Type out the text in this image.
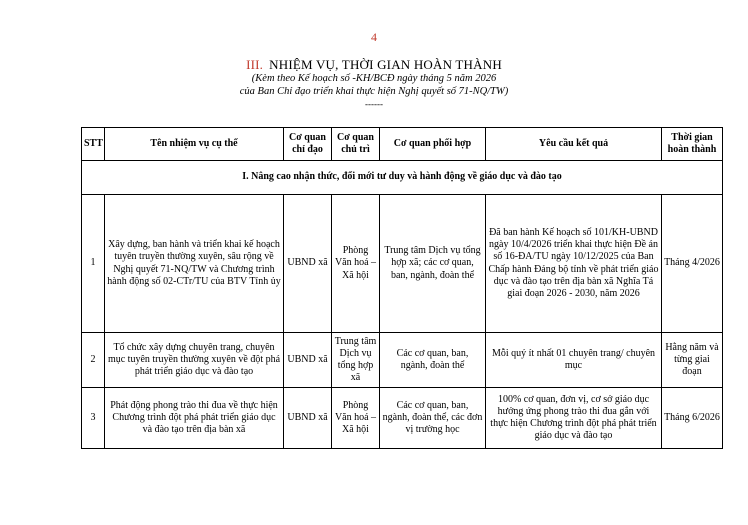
4
III. NHIỆM VỤ, THỜI GIAN HOÀN THÀNH
(Kèm theo Kế hoạch số -KH/BCĐ ngày tháng 5 năm 2026
của Ban Chỉ đạo triển khai thực hiện Nghị quyết số 71-NQ/TW)
------
STT	Tên nhiệm vụ cụ thể	Cơ quan chỉ đạo	Cơ quan chủ trì	Cơ quan phối hợp	Yêu cầu kết quả	Thời gian hoàn thành
I. Nâng cao nhận thức, đổi mới tư duy và hành động về giáo dục và đào tạo						
1	Xây dựng, ban hành và triển khai kế hoạch tuyên truyền thường xuyên, sâu rộng về Nghị quyết 71-NQ/TW và Chương trình hành động số 02-CTr/TU của BTV Tỉnh ủy	UBND xã	Phòng Văn hoá – Xã hội	Trung tâm Dịch vụ tổng hợp xã; các cơ quan, ban, ngành, đoàn thể	Đã ban hành Kế hoạch số 101/KH-UBND ngày 10/4/2026 triển khai thực hiện Đề án số 16-ĐA/TU ngày 10/12/2025 của Ban Chấp hành Đảng bộ tỉnh về phát triển giáo dục và đào tạo trên địa bàn xã Nghĩa Tá giai đoạn 2026 - 2030, năm 2026	Tháng 4/2026
2	Tổ chức xây dựng chuyên trang, chuyên mục tuyên truyền thường xuyên về đột phá phát triển giáo dục và đào tạo	UBND xã	Trung tâm Dịch vụ tổng hợp xã	Các cơ quan, ban, ngành, đoàn thể	Mỗi quý ít nhất 01 chuyên trang/ chuyên mục	Hằng năm và từng giai đoạn
3	Phát động phong trào thi đua về thực hiện Chương trình đột phá phát triển giáo dục và đào tạo trên địa bàn xã	UBND xã	Phòng Văn hoá – Xã hội	Các cơ quan, ban, ngành, đoàn thể, các đơn vị trường học	100% cơ quan, đơn vị, cơ sở giáo dục hưởng ứng phong trào thi đua gắn với thực hiện Chương trình đột phá phát triển giáo dục và đào tạo	Tháng 6/2026
